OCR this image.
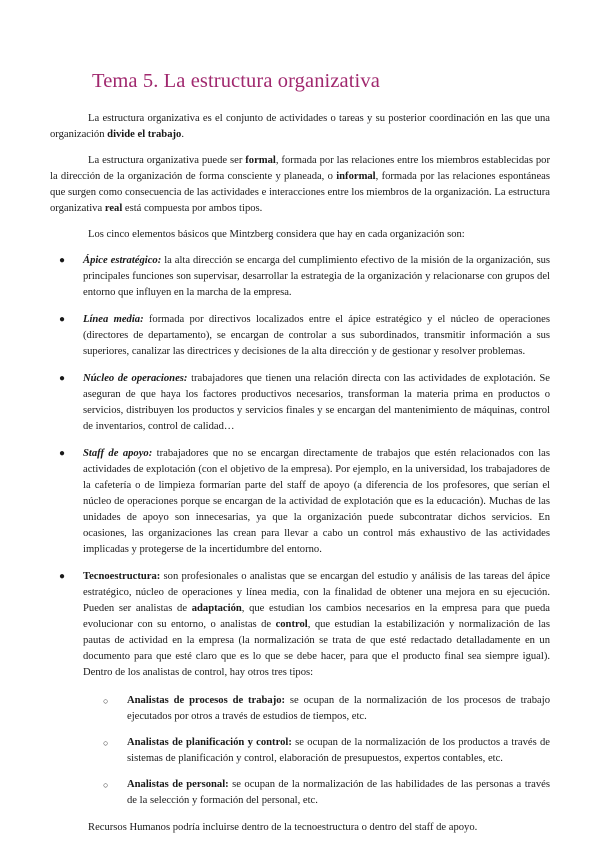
Tema 5. La estructura organizativa

La estructura organizativa es el conjunto de actividades o tareas y su posterior coordinación en las que una organización divide el trabajo.

La estructura organizativa puede ser formal, formada por las relaciones entre los miembros establecidas por la dirección de la organización de forma consciente y planeada, o informal, formada por las relaciones espontáneas que surgen como consecuencia de las actividades e interacciones entre los miembros de la organización. La estructura organizativa real está compuesta por ambos tipos.

Los cinco elementos básicos que Mintzberg considera que hay en cada organización son:

● Ápice estratégico: la alta dirección se encarga del cumplimiento efectivo de la misión de la organización, sus principales funciones son supervisar, desarrollar la estrategia de la organización y relacionarse con grupos del entorno que influyen en la marcha de la empresa.
● Línea media: formada por directivos localizados entre el ápice estratégico y el núcleo de operaciones (directores de departamento), se encargan de controlar a sus subordinados, transmitir información a sus superiores, canalizar las directrices y decisiones de la alta dirección y de gestionar y resolver problemas.
● Núcleo de operaciones: trabajadores que tienen una relación directa con las actividades de explotación. Se aseguran de que haya los factores productivos necesarios, transforman la materia prima en productos o servicios, distribuyen los productos y servicios finales y se encargan del mantenimiento de máquinas, control de inventarios, control de calidad…
● Staff de apoyo: trabajadores que no se encargan directamente de trabajos que estén relacionados con las actividades de explotación (con el objetivo de la empresa). Por ejemplo, en la universidad, los trabajadores de la cafetería o de limpieza formarían parte del staff de apoyo (a diferencia de los profesores, que serían el núcleo de operaciones porque se encargan de la actividad de explotación que es la educación). Muchas de las unidades de apoyo son innecesarias, ya que la organización puede subcontratar dichos servicios. En ocasiones, las organizaciones las crean para llevar a cabo un control más exhaustivo de las actividades implicadas y protegerse de la incertidumbre del entorno.
● Tecnoestructura: son profesionales o analistas que se encargan del estudio y análisis de las tareas del ápice estratégico, núcleo de operaciones y línea media, con la finalidad de obtener una mejora en su ejecución. Pueden ser analistas de adaptación, que estudian los cambios necesarios en la empresa para que pueda evolucionar con su entorno, o analistas de control, que estudian la estabilización y normalización de las pautas de actividad en la empresa (la normalización se trata de que esté redactado detalladamente en un documento para que esté claro que es lo que se debe hacer, para que el producto final sea siempre igual). Dentro de los analistas de control, hay otros tres tipos:
○ Analistas de procesos de trabajo: se ocupan de la normalización de los procesos de trabajo ejecutados por otros a través de estudios de tiempos, etc.
○ Analistas de planificación y control: se ocupan de la normalización de los productos a través de sistemas de planificación y control, elaboración de presupuestos, expertos contables, etc.
○ Analistas de personal: se ocupan de la normalización de las habilidades de las personas a través de la selección y formación del personal, etc.

Recursos Humanos podría incluirse dentro de la tecnoestructura o dentro del staff de apoyo.
